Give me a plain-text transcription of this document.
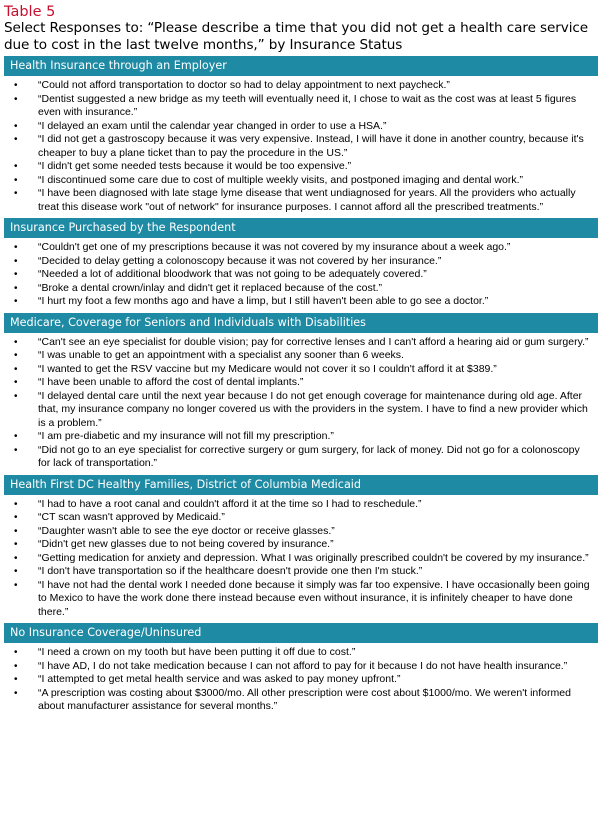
Table 5
Select Responses to: “Please describe a time that you did not get a health care service due to cost in the last twelve months,” by Insurance Status
Health Insurance through an Employer
• “Could not afford transportation to doctor so had to delay appointment to next paycheck.”
• “Dentist suggested a new bridge as my teeth will eventually need it, I chose to wait as the cost was at least 5 figures even with insurance.”
• “I delayed an exam until the calendar year changed in order to use a HSA.”
• “I did not get a gastroscopy because it was very expensive. Instead, I will have it done in another country, because it's cheaper to buy a plane ticket than to pay the procedure in the US.”
• “I didn't get some needed tests because it would be too expensive.”
• “I discontinued some care due to cost of multiple weekly visits, and postponed imaging and dental work.”
• “I have been diagnosed with late stage lyme disease that went undiagnosed for years. All the providers who actually treat this disease work "out of network" for insurance purposes. I cannot afford all the prescribed treatments.”
Insurance Purchased by the Respondent
• “Couldn't get one of my prescriptions because it was not covered by my insurance about a week ago.”
• “Decided to delay getting a colonoscopy because it was not covered by her insurance.”
• “Needed a lot of additional bloodwork that was not going to be adequately covered.”
• “Broke a dental crown/inlay and didn't get it replaced because of the cost.”
• “I hurt my foot a few months ago and have a limp, but I still haven't been able to go see a doctor.”
Medicare, Coverage for Seniors and Individuals with Disabilities
• “Can't see an eye specialist for double vision; pay for corrective lenses and I can't afford a hearing aid or gum surgery.”
• “I was unable to get an appointment with a specialist any sooner than 6 weeks.
• “I wanted to get the RSV vaccine but my Medicare would not cover it so I couldn't afford it at $389.”
• “I have been unable to afford the cost of dental implants.”
• “I delayed dental care until the next year because I do not get enough coverage for maintenance during old age. After that, my insurance company no longer covered us with the providers in the system. I have to find a new provider which is a problem.”
• “I am pre-diabetic and my insurance will not fill my prescription.”
• “Did not go to an eye specialist for corrective surgery or gum surgery, for lack of money. Did not go for a colonoscopy for lack of transportation.”
Health First DC Healthy Families, District of Columbia Medicaid
• “I had to have a root canal and couldn't afford it at the time so I had to reschedule.”
• “CT scan wasn't approved by Medicaid.”
• “Daughter wasn't able to see the eye doctor or receive glasses.”
• “Didn't get new glasses due to not being covered by insurance.”
• “Getting medication for anxiety and depression. What I was originally prescribed couldn't be covered by my insurance.”
• “I don't have transportation so if the healthcare doesn't provide one then I'm stuck.”
• “I have not had the dental work I needed done because it simply was far too expensive. I have occasionally been going to Mexico to have the work done there instead because even without insurance, it is infinitely cheaper to have done there.”
No Insurance Coverage/Uninsured
• “I need a crown on my tooth but have been putting it off due to cost.”
• “I have AD, I do not take medication because I can not afford to pay for it because I do not have health insurance.”
• “I attempted to get metal health service and was asked to pay money upfront.”
• “A prescription was costing about $3000/mo. All other prescription were cost about $1000/mo. We weren't informed about manufacturer assistance for several months.”
